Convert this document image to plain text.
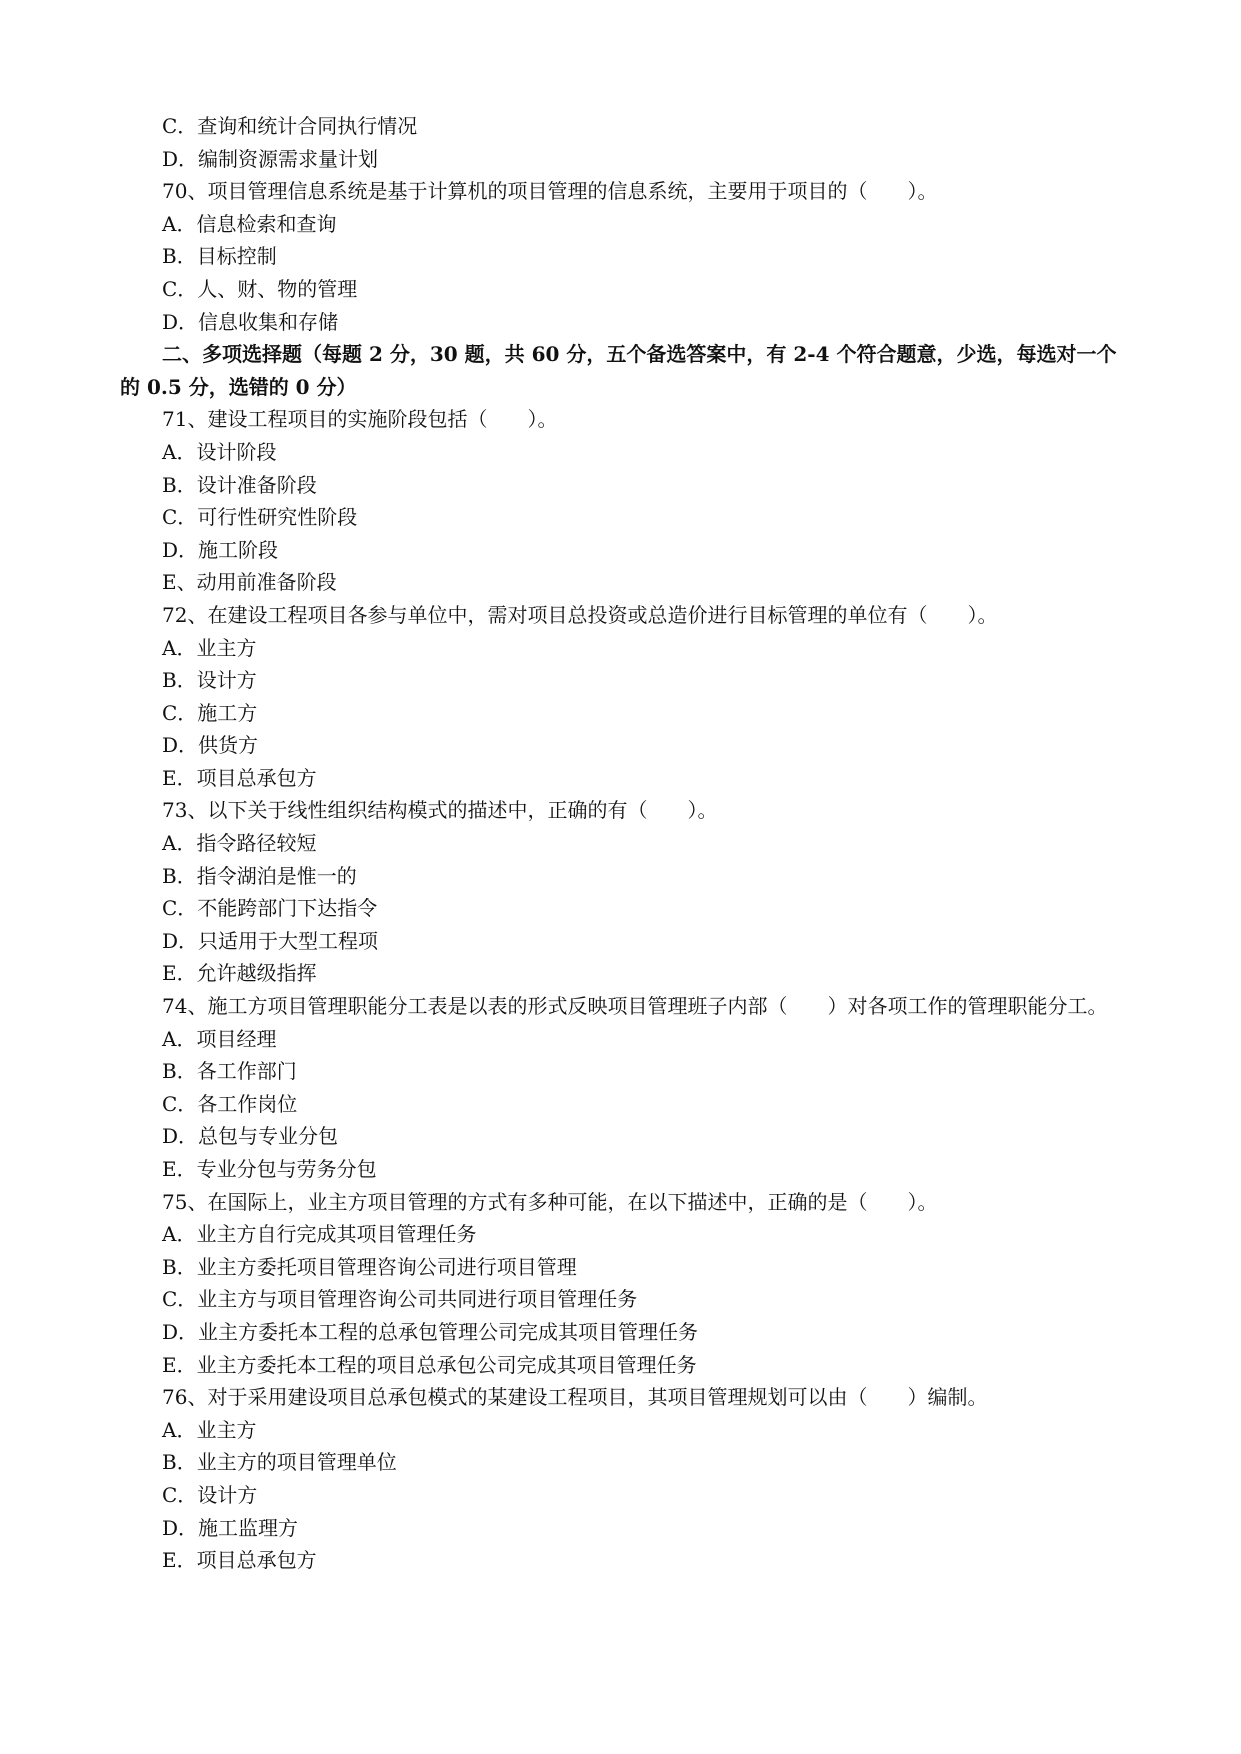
C．查询和统计合同执行情况
D．编制资源需求量计划
70、项目管理信息系统是基于计算机的项目管理的信息系统，主要用于项目的（　　）。
A．信息检索和查询
B．目标控制
C．人、财、物的管理
D．信息收集和存储
二、多项选择题（每题 2 分，30 题，共 60 分，五个备选答案中，有 2-4 个符合题意，少选，每选对一个的 0.5 分，选错的 0 分）
71、建设工程项目的实施阶段包括（　　）。
A．设计阶段
B．设计准备阶段
C．可行性研究性阶段
D．施工阶段
E、动用前准备阶段
72、在建设工程项目各参与单位中，需对项目总投资或总造价进行目标管理的单位有（　　）。
A．业主方
B．设计方
C．施工方
D．供货方
E．项目总承包方
73、以下关于线性组织结构模式的描述中，正确的有（　　）。
A．指令路径较短
B．指令湖泊是惟一的
C．不能跨部门下达指令
D．只适用于大型工程项
E．允许越级指挥
74、施工方项目管理职能分工表是以表的形式反映项目管理班子内部（　　）对各项工作的管理职能分工。
A．项目经理
B．各工作部门
C．各工作岗位
D．总包与专业分包
E．专业分包与劳务分包
75、在国际上，业主方项目管理的方式有多种可能，在以下描述中，正确的是（　　）。
A．业主方自行完成其项目管理任务
B．业主方委托项目管理咨询公司进行项目管理
C．业主方与项目管理咨询公司共同进行项目管理任务
D．业主方委托本工程的总承包管理公司完成其项目管理任务
E．业主方委托本工程的项目总承包公司完成其项目管理任务
76、对于采用建设项目总承包模式的某建设工程项目，其项目管理规划可以由（　　）编制。
A．业主方
B．业主方的项目管理单位
C．设计方
D．施工监理方
E．项目总承包方
